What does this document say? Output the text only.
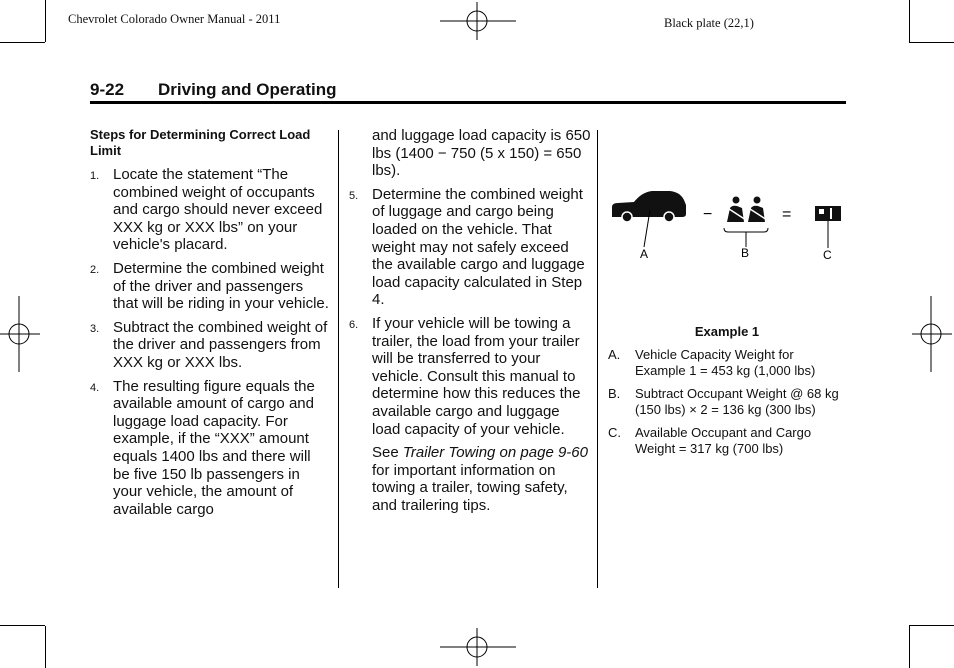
Chevrolet Colorado Owner Manual - 2011	Black plate (22,1)
9-22 Driving and Operating
Steps for Determining Correct Load Limit
1. Locate the statement “The combined weight of occupants and cargo should never exceed XXX kg or XXX lbs” on your vehicle's placard.
2. Determine the combined weight of the driver and passengers that will be riding in your vehicle.
3. Subtract the combined weight of the driver and passengers from XXX kg or XXX lbs.
4. The resulting figure equals the available amount of cargo and luggage load capacity. For example, if the “XXX” amount equals 1400 lbs and there will be five 150 lb passengers in your vehicle, the amount of available cargo
and luggage load capacity is 650 lbs (1400 − 750 (5 x 150) = 650 lbs).
5. Determine the combined weight of luggage and cargo being loaded on the vehicle. That weight may not safely exceed the available cargo and luggage load capacity calculated in Step 4.
6. If your vehicle will be towing a trailer, the load from your trailer will be transferred to your vehicle. Consult this manual to determine how this reduces the available cargo and luggage load capacity of your vehicle.
See Trailer Towing on page 9-60 for important information on towing a trailer, towing safety, and trailering tips.
−	=
A	B	C
Example 1
A. Vehicle Capacity Weight for Example 1 = 453 kg (1,000 lbs)
B. Subtract Occupant Weight @ 68 kg (150 lbs) × 2 = 136 kg (300 lbs)
C. Available Occupant and Cargo Weight = 317 kg (700 lbs)
